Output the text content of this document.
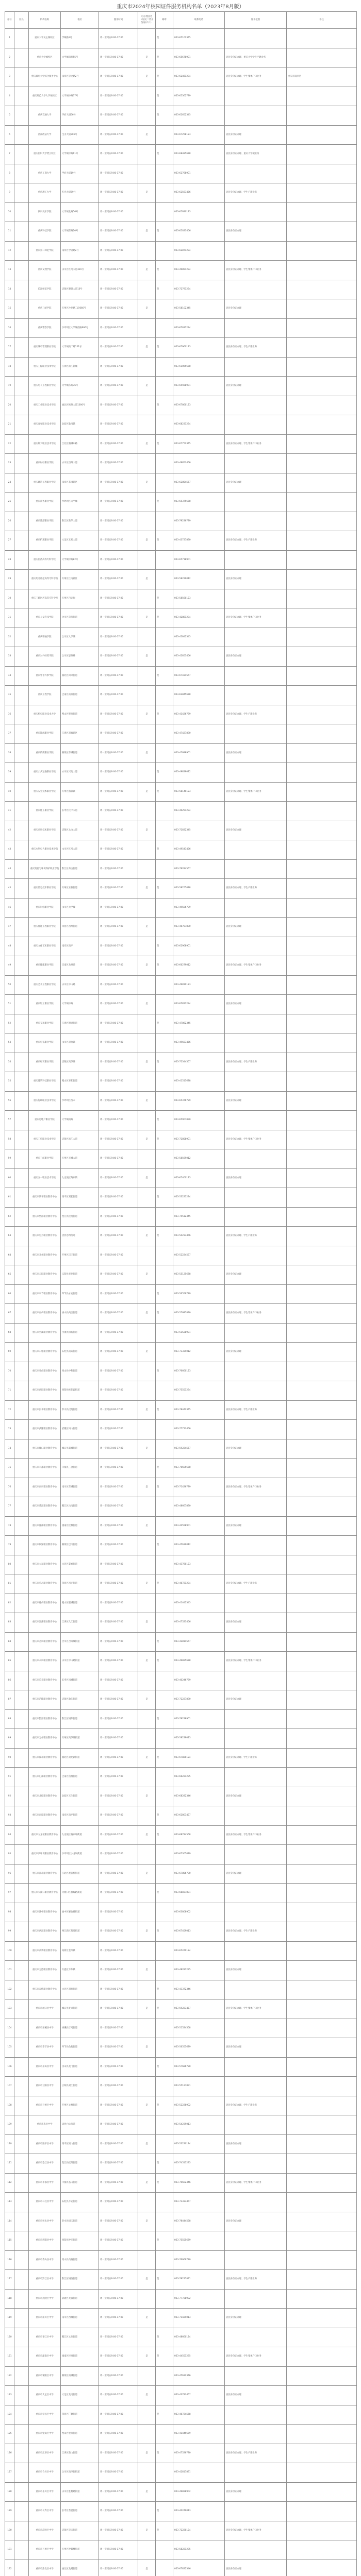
重庆市2024年校园证件服务机构名单（2023年8月版）
序号	区县	机构名称	地址	服务时间	可办理业务（居民二代身份证/户口）	邮寄	联系电话	服务范围	备注
1		重庆大学民主湖校区	学城路1号	周一至周五9:00-17:00		是	023-65102345		
2		重庆大学城校区	大学城南路55号	周一至周五9:00-17:00	是	是	023-65678901	居民身份证办理、重庆大学学生户籍业务	
3		重庆邮电大学综合服务中心	南岸区崇文路2号	周一至周五9:00-17:00	是	是	023-62461234	居民身份证办理、学生集体户口业务	重庆市南岸区
4		重庆师范大学大学城校区	大学城中路37号	周一至周五9:00-17:00		是	023-65362789		
5		重庆交通大学	学府大道66号	周一至周五9:00-17:00		是	023-62652345		
6		西南政法大学	宝圣大道301号	周一至周五9:00-17:00	是		023-67258123	居民身份证办理	
7		重庆医科大学缙云校区	大学城中路61号	周一至周五9:00-17:00		是	023-68485678	居民身份证办理、重庆大学城业务	
8		重庆工商大学	学府大道19号	周一至周五9:00-17:00			023-62768901		
9		重庆理工大学	红光大道69号	周一至周五9:00-17:00	是		023-62563456	居民身份证办理、学生户籍业务	
10		四川美术学院	大学城北路56号	周一至周五9:00-17:00			023-65920123		
11		重庆科技学院	大学城东路20号	周一至周五9:00-17:00	是	是	023-65023456	居民身份证办理	
12		重庆第二师范学院	南岸区学府路2号	周一至周五9:00-17:00			023-62871234		
13		重庆文理学院	永川区红河大道319号	周一至周五9:00-17:00	是	是	023-49891234	居民身份证办理、学生集体户口业务	
14		长江师范学院	涪陵区聚贤大道16号	周一至周五9:00-17:00		是	023-72791234		
15		重庆三峡学院	万州区沙龙路二段666号	周一至周五9:00-17:00	是		023-58102345	居民身份证办理	
16		重庆警察学院	沙坪坝区大学城西路666号	周一至周五9:00-17:00			023-65631234		
17		重庆城市管理职业学院	大学城南二路151号	周一至周五9:00-17:00	是	是	023-65960123	居民身份证办理、学生户籍业务	
18		重庆工程职业技术学院	江津区滨江新城	周一至周五9:00-17:00			023-61065678		
19		重庆电子工程职业学院	大学城东路76号	周一至周五9:00-17:00	是		023-65928901	居民身份证办理	
20		重庆工业职业技术学院	渝北区桃源大道1000号	周一至周五9:00-17:00		是	023-67860123		
21		重庆青年职业技术学院	北碚区歇马镇	周一至周五9:00-17:00			023-68231234		
22		重庆航天职业技术学院	江北区港城东路	周一至周五9:00-17:00	是	是	023-67752345	居民身份证办理、学生集体户口业务	
23		重庆财经职业学院	永川区昌州大道	周一至周五9:00-17:00			023-49853456		
24		重庆建筑工程职业学院	南岸区茶园新区	周一至周五9:00-17:00	是		023-62854567	居民身份证办理	
25		重庆商务职业学院	沙坪坝区大学城	周一至周五9:00-17:00		是	023-65375678		
26		重庆旅游职业学院	黔江区新华大道	周一至周五9:00-17:00			023-79236789		
27		重庆护理职业学院	大足区五星大道	周一至周五9:00-17:00	是	是	023-43727890	居民身份证办理、学生户籍业务	
28		重庆医药高等专科学校	大学城中路82号	周一至周五9:00-17:00			023-65718901		
29		重庆幼儿师范高等专科学校	万州区江南新区	周一至周五9:00-17:00	是		023-58229012	居民身份证办理	
30		重庆三峡医药高等专科学校	万州区百安坝	周一至周五9:00-17:00		是	023-58560123		
31		重庆人文科技学院	合川区草街街道	周一至周五9:00-17:00	是	是	023-42881234	居民身份证办理、学生集体户口业务	
32		重庆移通学院	合川区大学城	周一至周五9:00-17:00			023-42842345		
33		重庆对外经贸学院	合川区思源路	周一至周五9:00-17:00	是		023-42853456	居民身份证办理	
34		重庆外语外事学院	渝北区回兴街道	周一至周五9:00-17:00		是	023-67434567		
35		重庆工程学院	巴南区南泉街道	周一至周五9:00-17:00			023-62845678		
36		重庆机电职业技术大学	璧山区璧泉街道	周一至周五9:00-17:00	是	是	023-41426789	居民身份证办理、学生户籍业务	
37		重庆能源职业学院	江津区双福新区	周一至周五9:00-17:00			023-47427890		
38		重庆传媒职业学院	铜梁区东城街道	周一至周五9:00-17:00	是		023-45698901	居民身份证办理	
39		重庆公共运输职业学院	永川区兴龙大道	周一至周五9:00-17:00		是	023-49829012		
40		重庆安全技术职业学院	万州区熊家镇	周一至周五9:00-17:00	是	是	023-58140123	居民身份证办理、学生集体户口业务	
41		重庆化工职业学院	长寿区化中大道	周一至周五9:00-17:00			023-40251234		
42		重庆应用技术职业学院	涪陵区太白大道	周一至周五9:00-17:00	是		023-72832345	居民身份证办理	
43		重庆水利电力职业技术学院	永川区红河大道	周一至周五9:00-17:00		是	023-49543456		
44		重庆资源与环境保护职业学院	黔江区舟白街道	周一至周五9:00-17:00			023-79284567		
45		重庆信息技术职业学院	万州区五桥街道	周一至周五9:00-17:00	是	是	023-58255678	居民身份证办理、学生户籍业务	
46		重庆科创职业学院	永川区大学城	周一至周五9:00-17:00			023-49586789		
47		重庆智能工程职业学院	荣昌区昌州街道	周一至周五9:00-17:00	是		023-46787890	居民身份证办理	
48		重庆文化艺术职业学院	南岸区南坪	周一至周五9:00-17:00		是	023-62968901		
49		重庆健康职业学院	巴南区龙洲湾	周一至周五9:00-17:00	是	是	023-66279012	居民身份证办理、学生集体户口业务	
50		重庆艺术工程职业学院	永川区中山路	周一至周五9:00-17:00			023-49810123		
51		重庆轻工职业学院	大学城中路	周一至周五9:00-17:00	是		023-65811234	居民身份证办理	
52		重庆交通职业学院	江津区德感街道	周一至周五9:00-17:00		是	023-47862345		
53		重庆电讯职业学院	永川区双竹镇	周一至周五9:00-17:00			023-49683456		
54		重庆经贸职业学院	涪陵区高笋塘	周一至周五9:00-17:00	是	是	023-72344567	居民身份证办理、学生户籍业务	
55		重庆建筑科技职业学院	璧山区青杠街道	周一至周五9:00-17:00			023-41515678		
56		重庆海联职业技术学院	沙坪坝区西永	周一至周五9:00-17:00	是		023-65376789	居民身份证办理	
57		重庆房地产职业学院	大学城南路	周一至周五9:00-17:00		是	023-65907890		
58		重庆工贸职业技术学院	涪陵区滨江大道	周一至周五9:00-17:00	是	是	023-72858901	居民身份证办理、学生集体户口业务	
59		重庆三峡职业学院	万州区天城大道	周一至周五9:00-17:00			023-58569012		
60		重庆五一职业技术学院	九龙坡区陶家镇	周一至周五9:00-17:00	是		023-65400123	居民身份证办理	
61		重庆市梁平职业教育中心	梁平区双桂街道	周一至周五9:00-17:00		是	023-53221234		
62		重庆市垫江职业教育中心	垫江县桂溪街道	周一至周五9:00-17:00			023-74512345		
63		重庆市忠县职业教育中心	忠县忠州街道	周一至周五9:00-17:00	是	是	023-54233456	居民身份证办理、学生户籍业务	
64		重庆市开州职业教育中心	开州区汉丰街道	周一至周五9:00-17:00			023-52224567		
65		重庆市云阳职业教育中心	云阳县青龙街道	周一至周五9:00-17:00	是		023-55125678	居民身份证办理	
66		重庆市奉节职业教育中心	奉节县永安街道	周一至周五9:00-17:00		是	023-56556789		
67		重庆市巫山职业教育中心	巫山县高唐街道	周一至周五9:00-17:00	是	是	023-57687890	居民身份证办理、学生集体户口业务	
68		重庆市巫溪职业教育中心	巫溪县柏杨街道	周一至周五9:00-17:00			023-51528901		
69		重庆市石柱职业教育中心	石柱县南宾街道	周一至周五9:00-17:00	是		023-73339012	居民身份证办理	
70		重庆市秀山职业教育中心	秀山县中和街道	周一至周五9:00-17:00		是	023-76660123		
71		重庆市酉阳职业教育中心	酉阳县桃花源街道	周一至周五9:00-17:00			023-75551234		
72		重庆市彭水职业教育中心	彭水县汉葭街道	周一至周五9:00-17:00	是	是	023-78442345	居民身份证办理、学生户籍业务	
73		重庆市武隆职业教育中心	武隆区凤山街道	周一至周五9:00-17:00			023-77723456		
74		重庆市城口职业教育中心	城口县葛城街道	周一至周五9:00-17:00	是		023-59224567	居民身份证办理	
75		重庆市丰都职业教育中心	丰都县三合街道	周一至周五9:00-17:00		是	023-70605678		
76		重庆市南川职业教育中心	南川区东城街道	周一至周五9:00-17:00	是	是	023-71426789	居民身份证办理、学生集体户口业务	
77		重庆市綦江职业教育中心	綦江区古南街道	周一至周五9:00-17:00			023-48667890		
78		重庆市潼南职业教育中心	潼南区桂林街道	周一至周五9:00-17:00	是		023-44558901	居民身份证办理	
79		重庆市铜梁职业教育中心	铜梁区巴川街道	周一至周五9:00-17:00		是	023-45639012		
80		重庆市大足职业教育中心	大足区棠香街道	周一至周五9:00-17:00			023-43780123		
81		重庆市荣昌职业教育中心	荣昌区昌元街道	周一至周五9:00-17:00	是	是	023-46721234	居民身份证办理、学生户籍业务	
82		重庆市璧山职业教育中心	璧山区璧城街道	周一至周五9:00-17:00			023-41442345		
83		重庆市江津职业教育中心	江津区几江街道	周一至周五9:00-17:00	是		023-47523456	居民身份证办理	
84		重庆市合川职业教育中心	合川区合阳城街道	周一至周五9:00-17:00		是	023-42814567		
85		重庆市永川职业教育中心	永川区中山路街道	周一至周五9:00-17:00	是	是	023-49825678	居民身份证办理、学生集体户口业务	
86		重庆市长寿职业教育中心	长寿区凤城街道	周一至周五9:00-17:00			023-40246789		
87		重庆市涪陵职业教育中心	涪陵区敦仁街道	周一至周五9:00-17:00	是		023-72227890	居民身份证办理	
88		重庆市黔江职业教育中心	黔江区城东街道	周一至周五9:00-17:00		是	023-79228901		
89		重庆市万州职业教育中心	万州区高笋塘街道	周一至周五9:00-17:00			023-58229013		
90		重庆市渝北职业教育中心	渝北区双龙湖街道	周一至周五9:00-17:00	是	是	023-67820124	居民身份证办理、学生户籍业务	
91		重庆市巴南职业教育中心	巴南区鱼洞街道	周一至周五9:00-17:00			023-66221235		
92		重庆市北碚职业教育中心	北碚区天生街道	周一至周五9:00-17:00	是		023-68282346	居民身份证办理	
93		重庆市南岸职业教育中心	南岸区南坪街道	周一至周五9:00-17:00		是	023-62803457		
94		重庆市九龙坡职业教育中心	九龙坡区杨家坪街道	周一至周五9:00-17:00	是	是	023-68784568	居民身份证办理、学生集体户口业务	
95		重庆市沙坪坝职业教育中心	沙坪坝区小龙坎街道	周一至周五9:00-17:00			023-65305679		
96		重庆市江北职业教育中心	江北区观音桥街道	周一至周五9:00-17:00	是		023-67856780	居民身份证办理	
97		重庆市大渡口职业教育中心	大渡口区春晖路街道	周一至周五9:00-17:00		是	023-68837891		
98		重庆市渝中职业教育中心	渝中区解放碑街道	周一至周五9:00-17:00			023-63808902		
99		重庆市两江职业教育中心	两江新区鸳鸯街道	周一至周五9:00-17:00	是	是	023-67459013	居民身份证办理、学生户籍业务	
100		重庆市高新职业教育中心	高新区金凤镇	周一至周五9:00-17:00			023-65470124		
101		重庆市万盛职业教育中心	万盛区万东镇	周一至周五9:00-17:00	是		023-48281235	居民身份证办理	
102		重庆市双桥职业教育中心	大足区双路街道	周一至周五9:00-17:00		是	023-43372346		
103		重庆市城口县中学	城口县复兴街道	周一至周五9:00-17:00	是	是	023-59223457	居民身份证办理、学生集体户口业务	
104		重庆市巫溪县中学	巫溪县宁河街道	周一至周五9:00-17:00			023-51524568		
105		重庆市奉节县中学	奉节县鱼复街道	周一至周五9:00-17:00	是		023-56555679	居民身份证办理	
106		重庆市巫山县中学	巫山县龙门街道	周一至周五9:00-17:00		是	023-57686780		
107		重庆市云阳县中学	云阳县双江街道	周一至周五9:00-17:00			023-55127891		
108		重庆市开州区中学	开州区文峰街道	周一至周五9:00-17:00	是	是	023-52228902	居民身份证办理、学生户籍业务	
109		重庆市忠县中学	忠县白公街道	周一至周五9:00-17:00			023-54239013		
110		重庆市梁平区中学	梁平区梁山街道	周一至周五9:00-17:00	是		023-53220124	居民身份证办理	
111		重庆市垫江县中学	垫江县桂阳街道	周一至周五9:00-17:00		是	023-74511235		
112		重庆市丰都县中学	丰都县名山街道	周一至周五9:00-17:00	是	是	023-70602346	居民身份证办理、学生集体户口业务	
113		重庆市石柱县中学	石柱县万安街道	周一至周五9:00-17:00			023-73333457		
114		重庆市彭水县中学	彭水县绍庆街道	周一至周五9:00-17:00	是		023-78444568	居民身份证办理	
115		重庆市酉阳县中学	酉阳县钟多街道	周一至周五9:00-17:00		是	023-75555679		
116		重庆市秀山县中学	秀山县乌杨街道	周一至周五9:00-17:00			023-76666780		
117		重庆市黔江区中学	黔江区城西街道	周一至周五9:00-17:00	是	是	023-79227891	居民身份证办理、学生户籍业务	
118		重庆市武隆区中学	武隆区芙蓉街道	周一至周五9:00-17:00			023-77728902		
119		重庆市南川区中学	南川区西城街道	周一至周五9:00-17:00	是		023-71429013	居民身份证办理	
120		重庆市綦江区中学	綦江区文龙街道	周一至周五9:00-17:00		是	023-48660124		
121		重庆市潼南区中学	潼南区梓潼街道	周一至周五9:00-17:00	是	是	023-44551235	居民身份证办理、学生集体户口业务	
122		重庆市铜梁区中学	铜梁区南城街道	周一至周五9:00-17:00			023-45632346		
123		重庆市大足区中学	大足区龙岗街道	周一至周五9:00-17:00	是		023-43783457	居民身份证办理	
124		重庆市荣昌区中学	荣昌区广顺街道	周一至周五9:00-17:00		是	023-46724568		
125		重庆市璧山区中学	璧山区璧泉街道	周一至周五9:00-17:00			023-41445679		
126		重庆市江津区中学	江津区鼎山街道	周一至周五9:00-17:00	是	是	023-47526780	居民身份证办理、学生户籍业务	
127		重庆市合川区中学	合川区南津街街道	周一至周五9:00-17:00			023-42817891		
128		重庆市永川区中学	永川区胜利路街道	周一至周五9:00-17:00	是		023-49828902	居民身份证办理	
129		重庆市长寿区中学	长寿区菩提街道	周一至周五9:00-17:00		是	023-40249013		
130		重庆市涪陵区中学	涪陵区崇义街道	周一至周五9:00-17:00	是	是	023-72220124	居民身份证办理、学生集体户口业务	
131		重庆市万州区中学	万州区钟鼓楼街道	周一至周五9:00-17:00			023-58221235		
132		重庆市渝北区中学	渝北区龙溪街道	周一至周五9:00-17:00	是		023-67822346	居民身份证办理	
